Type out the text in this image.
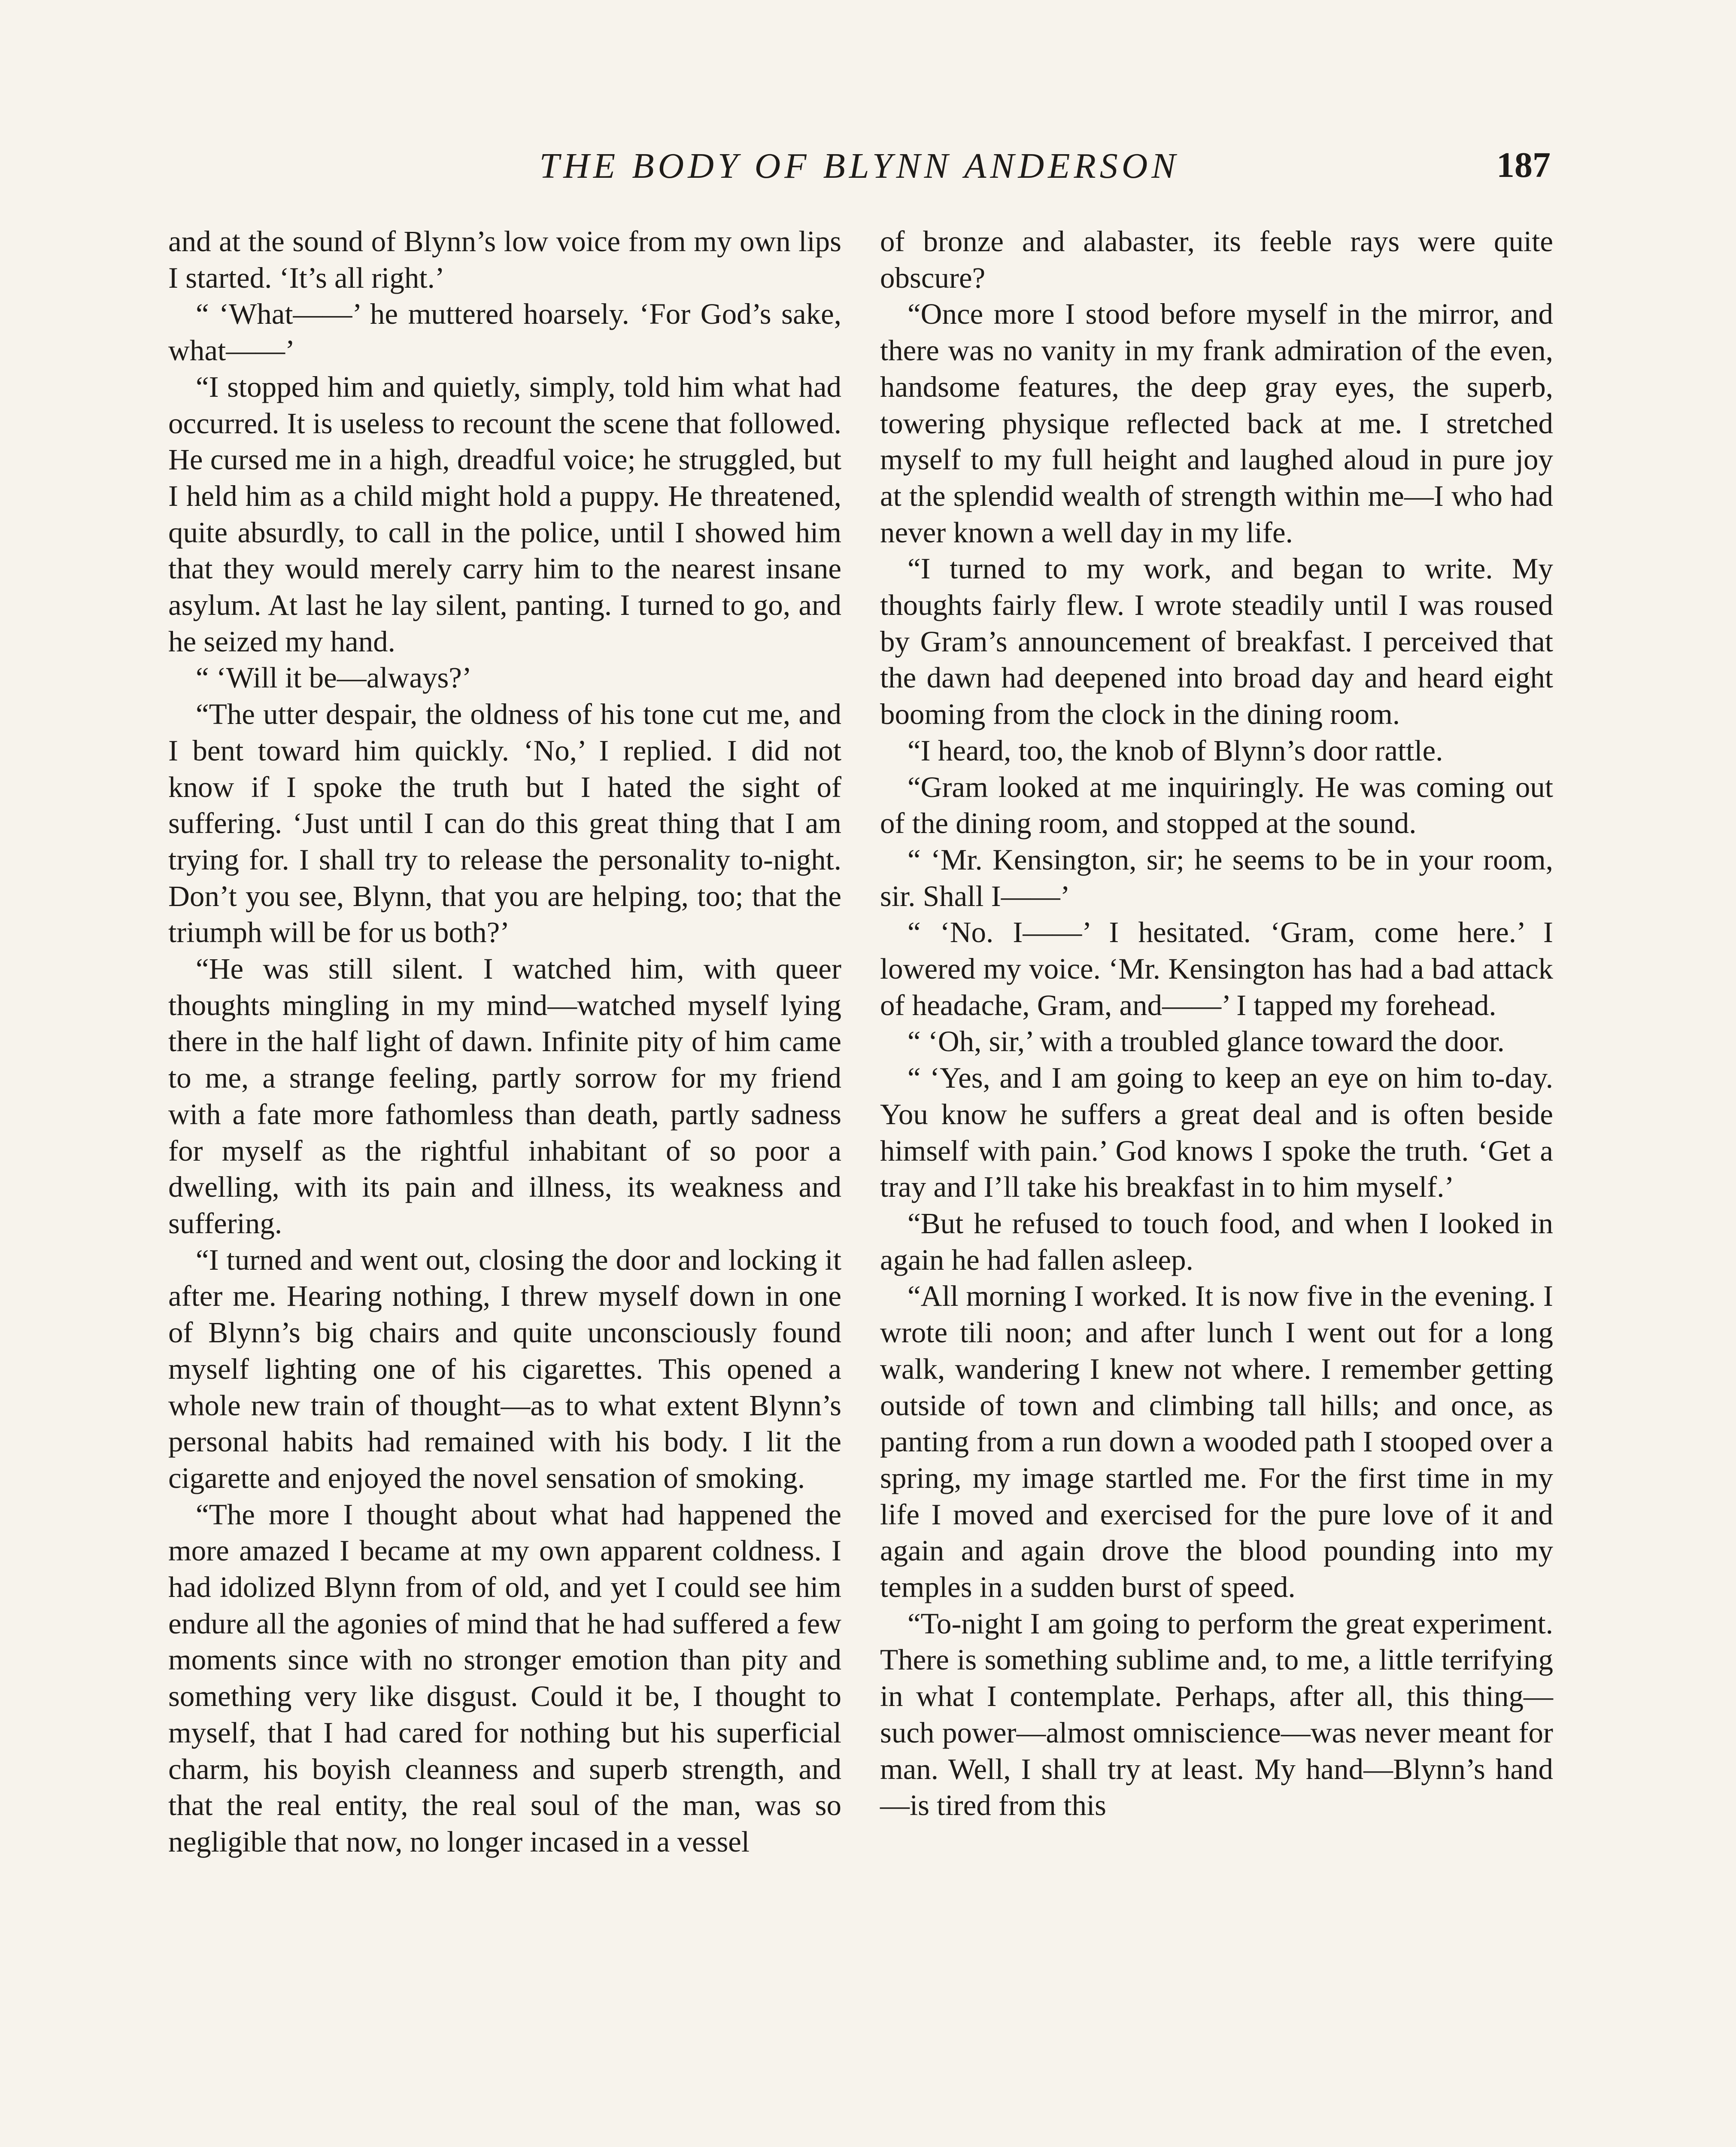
THE BODY OF BLYNN ANDERSON	187

and at the sound of Blynn’s low voice from my own lips I started. ‘It’s all right.’

“ ‘What——’ he muttered hoarsely. ‘For God’s sake, what——’

“I stopped him and quietly, simply, told him what had occurred. It is useless to recount the scene that followed. He cursed me in a high, dreadful voice; he struggled, but I held him as a child might hold a puppy. He threatened, quite absurdly, to call in the police, until I showed him that they would merely carry him to the nearest insane asylum. At last he lay silent, panting. I turned to go, and he seized my hand.

“ ‘Will it be—always?’

“The utter despair, the oldness of his tone cut me, and I bent toward him quickly. ‘No,’ I replied. I did not know if I spoke the truth but I hated the sight of suffering. ‘Just until I can do this great thing that I am trying for. I shall try to release the personality to-night. Don’t you see, Blynn, that you are helping, too; that the triumph will be for us both?’

“He was still silent. I watched him, with queer thoughts mingling in my mind—watched myself lying there in the half light of dawn. Infinite pity of him came to me, a strange feeling, partly sorrow for my friend with a fate more fathomless than death, partly sadness for myself as the rightful inhabitant of so poor a dwelling, with its pain and illness, its weakness and suffering.

“I turned and went out, closing the door and locking it after me. Hearing nothing, I threw myself down in one of Blynn’s big chairs and quite unconsciously found myself lighting one of his cigarettes. This opened a whole new train of thought—as to what extent Blynn’s personal habits had remained with his body. I lit the cigarette and enjoyed the novel sensation of smoking.

“The more I thought about what had happened the more amazed I became at my own apparent coldness. I had idolized Blynn from of old, and yet I could see him endure all the agonies of mind that he had suffered a few moments since with no stronger emotion than pity and something very like disgust. Could it be, I thought to myself, that I had cared for nothing but his superficial charm, his boyish cleanness and superb strength, and that the real entity, the real soul of the man, was so negligible that now, no longer incased in a vessel

of bronze and alabaster, its feeble rays were quite obscure?

“Once more I stood before myself in the mirror, and there was no vanity in my frank admiration of the even, handsome features, the deep gray eyes, the superb, towering physique reflected back at me. I stretched myself to my full height and laughed aloud in pure joy at the splendid wealth of strength within me—I who had never known a well day in my life.

“I turned to my work, and began to write. My thoughts fairly flew. I wrote steadily until I was roused by Gram’s announcement of breakfast. I perceived that the dawn had deepened into broad day and heard eight booming from the clock in the dining room.

“I heard, too, the knob of Blynn’s door rattle.

“Gram looked at me inquiringly. He was coming out of the dining room, and stopped at the sound.

“ ‘Mr. Kensington, sir; he seems to be in your room, sir. Shall I——’

“ ‘No. I——’ I hesitated. ‘Gram, come here.’ I lowered my voice. ‘Mr. Kensington has had a bad attack of headache, Gram, and——’ I tapped my forehead.

“ ‘Oh, sir,’ with a troubled glance toward the door.

“ ‘Yes, and I am going to keep an eye on him to-day. You know he suffers a great deal and is often beside himself with pain.’ God knows I spoke the truth. ‘Get a tray and I’ll take his breakfast in to him myself.’

“But he refused to touch food, and when I looked in again he had fallen asleep.

“All morning I worked. It is now five in the evening. I wrote tili noon; and after lunch I went out for a long walk, wandering I knew not where. I remember getting outside of town and climbing tall hills; and once, as panting from a run down a wooded path I stooped over a spring, my image startled me. For the first time in my life I moved and exercised for the pure love of it and again and again drove the blood pounding into my temples in a sudden burst of speed.

“To-night I am going to perform the great experiment. There is something sublime and, to me, a little terrifying in what I contemplate. Perhaps, after all, this thing—such power—almost omniscience—was never meant for man. Well, I shall try at least. My hand—Blynn’s hand—is tired from this
